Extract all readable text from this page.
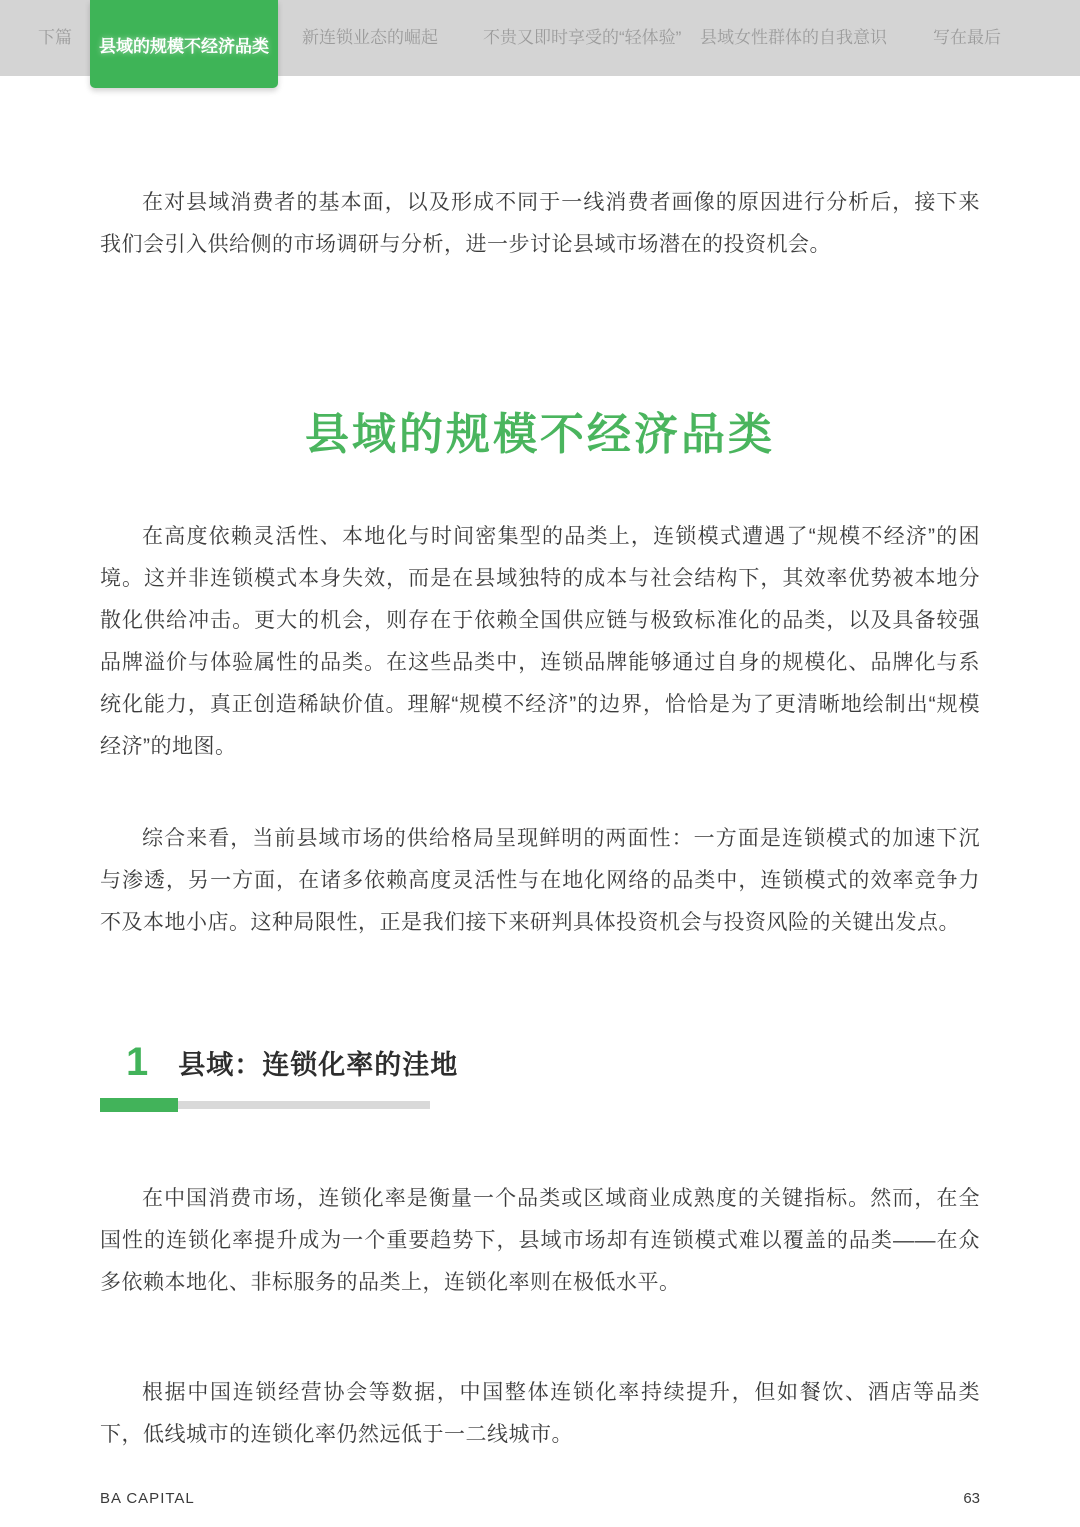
下篇 县域的规模不经济品类 新连锁业态的崛起	不贵又即时享受的“轻体验” 县域女性群体的自我意识	写在最后

在对县域消费者的基本面，以及形成不同于一线消费者画像的原因进行分析后，接下来我们会引入供给侧的市场调研与分析，进一步讨论县域市场潜在的投资机会。

县域的规模不经济品类

在高度依赖灵活性、本地化与时间密集型的品类上，连锁模式遭遇了“规模不经济”的困境。这并非连锁模式本身失效，而是在县域独特的成本与社会结构下，其效率优势被本地分散化供给冲击。更大的机会，则存在于依赖全国供应链与极致标准化的品类，以及具备较强品牌溢价与体验属性的品类。在这些品类中，连锁品牌能够通过自身的规模化、品牌化与系统化能力，真正创造稀缺价值。理解“规模不经济”的边界，恰恰是为了更清晰地绘制出“规模经济”的地图。

综合来看，当前县域市场的供给格局呈现鲜明的两面性：一方面是连锁模式的加速下沉与渗透，另一方面，在诸多依赖高度灵活性与在地化网络的品类中，连锁模式的效率竞争力不及本地小店。这种局限性，正是我们接下来研判具体投资机会与投资风险的关键出发点。

1 县域：连锁化率的洼地

在中国消费市场，连锁化率是衡量一个品类或区域商业成熟度的关键指标。然而，在全国性的连锁化率提升成为一个重要趋势下，县域市场却有连锁模式难以覆盖的品类——在众多依赖本地化、非标服务的品类上，连锁化率则在极低水平。

根据中国连锁经营协会等数据，中国整体连锁化率持续提升，但如餐饮、酒店等品类下，低线城市的连锁化率仍然远低于一二线城市。

BA CAPITAL	63
